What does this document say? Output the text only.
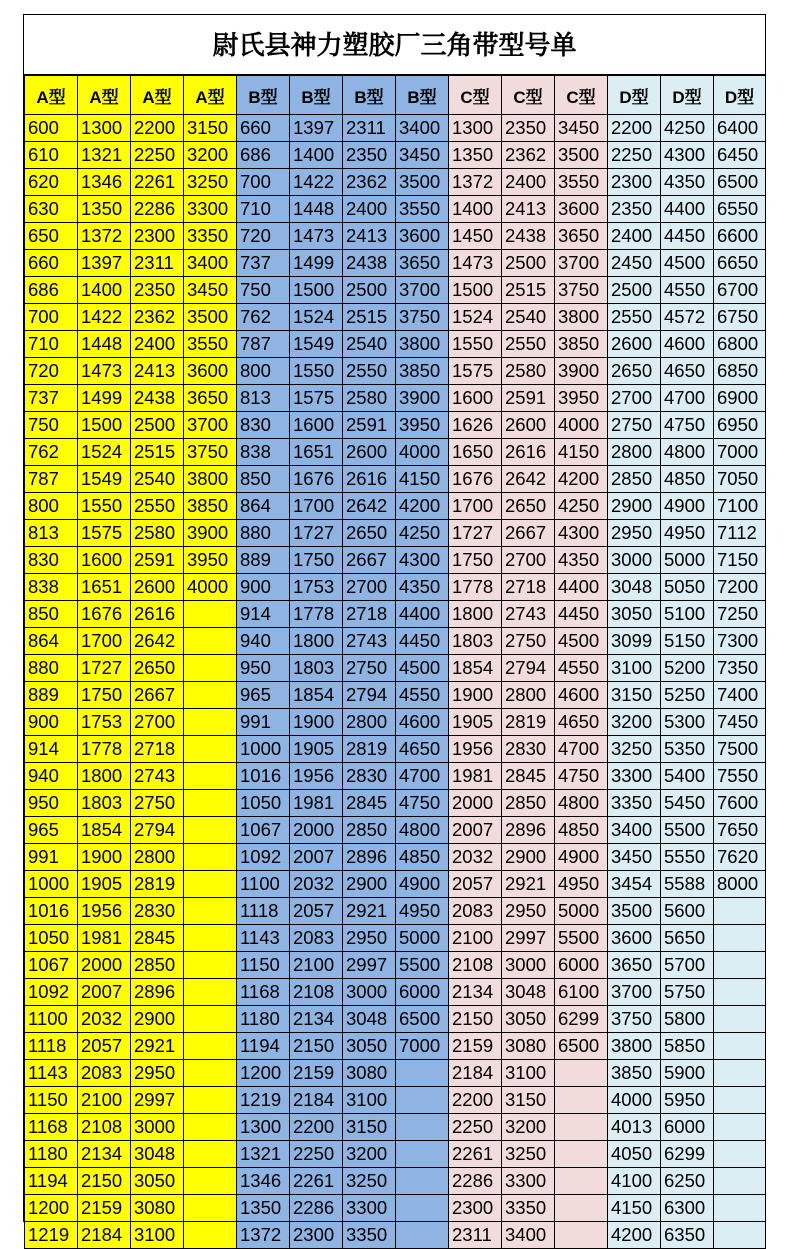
尉氏县神力塑胶厂三角带型号单
A型	A型	A型	A型	B型	B型	B型	B型	C型	C型	C型	D型	D型	D型
600	1300	2200	3150	660	1397	2311	3400	1300	2350	3450	2200	4250	6400
610	1321	2250	3200	686	1400	2350	3450	1350	2362	3500	2250	4300	6450
620	1346	2261	3250	700	1422	2362	3500	1372	2400	3550	2300	4350	6500
630	1350	2286	3300	710	1448	2400	3550	1400	2413	3600	2350	4400	6550
650	1372	2300	3350	720	1473	2413	3600	1450	2438	3650	2400	4450	6600
660	1397	2311	3400	737	1499	2438	3650	1473	2500	3700	2450	4500	6650
686	1400	2350	3450	750	1500	2500	3700	1500	2515	3750	2500	4550	6700
700	1422	2362	3500	762	1524	2515	3750	1524	2540	3800	2550	4572	6750
710	1448	2400	3550	787	1549	2540	3800	1550	2550	3850	2600	4600	6800
720	1473	2413	3600	800	1550	2550	3850	1575	2580	3900	2650	4650	6850
737	1499	2438	3650	813	1575	2580	3900	1600	2591	3950	2700	4700	6900
750	1500	2500	3700	830	1600	2591	3950	1626	2600	4000	2750	4750	6950
762	1524	2515	3750	838	1651	2600	4000	1650	2616	4150	2800	4800	7000
787	1549	2540	3800	850	1676	2616	4150	1676	2642	4200	2850	4850	7050
800	1550	2550	3850	864	1700	2642	4200	1700	2650	4250	2900	4900	7100
813	1575	2580	3900	880	1727	2650	4250	1727	2667	4300	2950	4950	7112
830	1600	2591	3950	889	1750	2667	4300	1750	2700	4350	3000	5000	7150
838	1651	2600	4000	900	1753	2700	4350	1778	2718	4400	3048	5050	7200
850	1676	2616		914	1778	2718	4400	1800	2743	4450	3050	5100	7250
864	1700	2642		940	1800	2743	4450	1803	2750	4500	3099	5150	7300
880	1727	2650		950	1803	2750	4500	1854	2794	4550	3100	5200	7350
889	1750	2667		965	1854	2794	4550	1900	2800	4600	3150	5250	7400
900	1753	2700		991	1900	2800	4600	1905	2819	4650	3200	5300	7450
914	1778	2718		1000	1905	2819	4650	1956	2830	4700	3250	5350	7500
940	1800	2743		1016	1956	2830	4700	1981	2845	4750	3300	5400	7550
950	1803	2750		1050	1981	2845	4750	2000	2850	4800	3350	5450	7600
965	1854	2794		1067	2000	2850	4800	2007	2896	4850	3400	5500	7650
991	1900	2800		1092	2007	2896	4850	2032	2900	4900	3450	5550	7620
1000	1905	2819		1100	2032	2900	4900	2057	2921	4950	3454	5588	8000
1016	1956	2830		1118	2057	2921	4950	2083	2950	5000	3500	5600	
1050	1981	2845		1143	2083	2950	5000	2100	2997	5500	3600	5650	
1067	2000	2850		1150	2100	2997	5500	2108	3000	6000	3650	5700	
1092	2007	2896		1168	2108	3000	6000	2134	3048	6100	3700	5750	
1100	2032	2900		1180	2134	3048	6500	2150	3050	6299	3750	5800	
1118	2057	2921		1194	2150	3050	7000	2159	3080	6500	3800	5850	
1143	2083	2950		1200	2159	3080		2184	3100		3850	5900	
1150	2100	2997		1219	2184	3100		2200	3150		4000	5950	
1168	2108	3000		1300	2200	3150		2250	3200		4013	6000	
1180	2134	3048		1321	2250	3200		2261	3250		4050	6299	
1194	2150	3050		1346	2261	3250		2286	3300		4100	6250	
1200	2159	3080		1350	2286	3300		2300	3350		4150	6300	
1219	2184	3100		1372	2300	3350		2311	3400		4200	6350	
